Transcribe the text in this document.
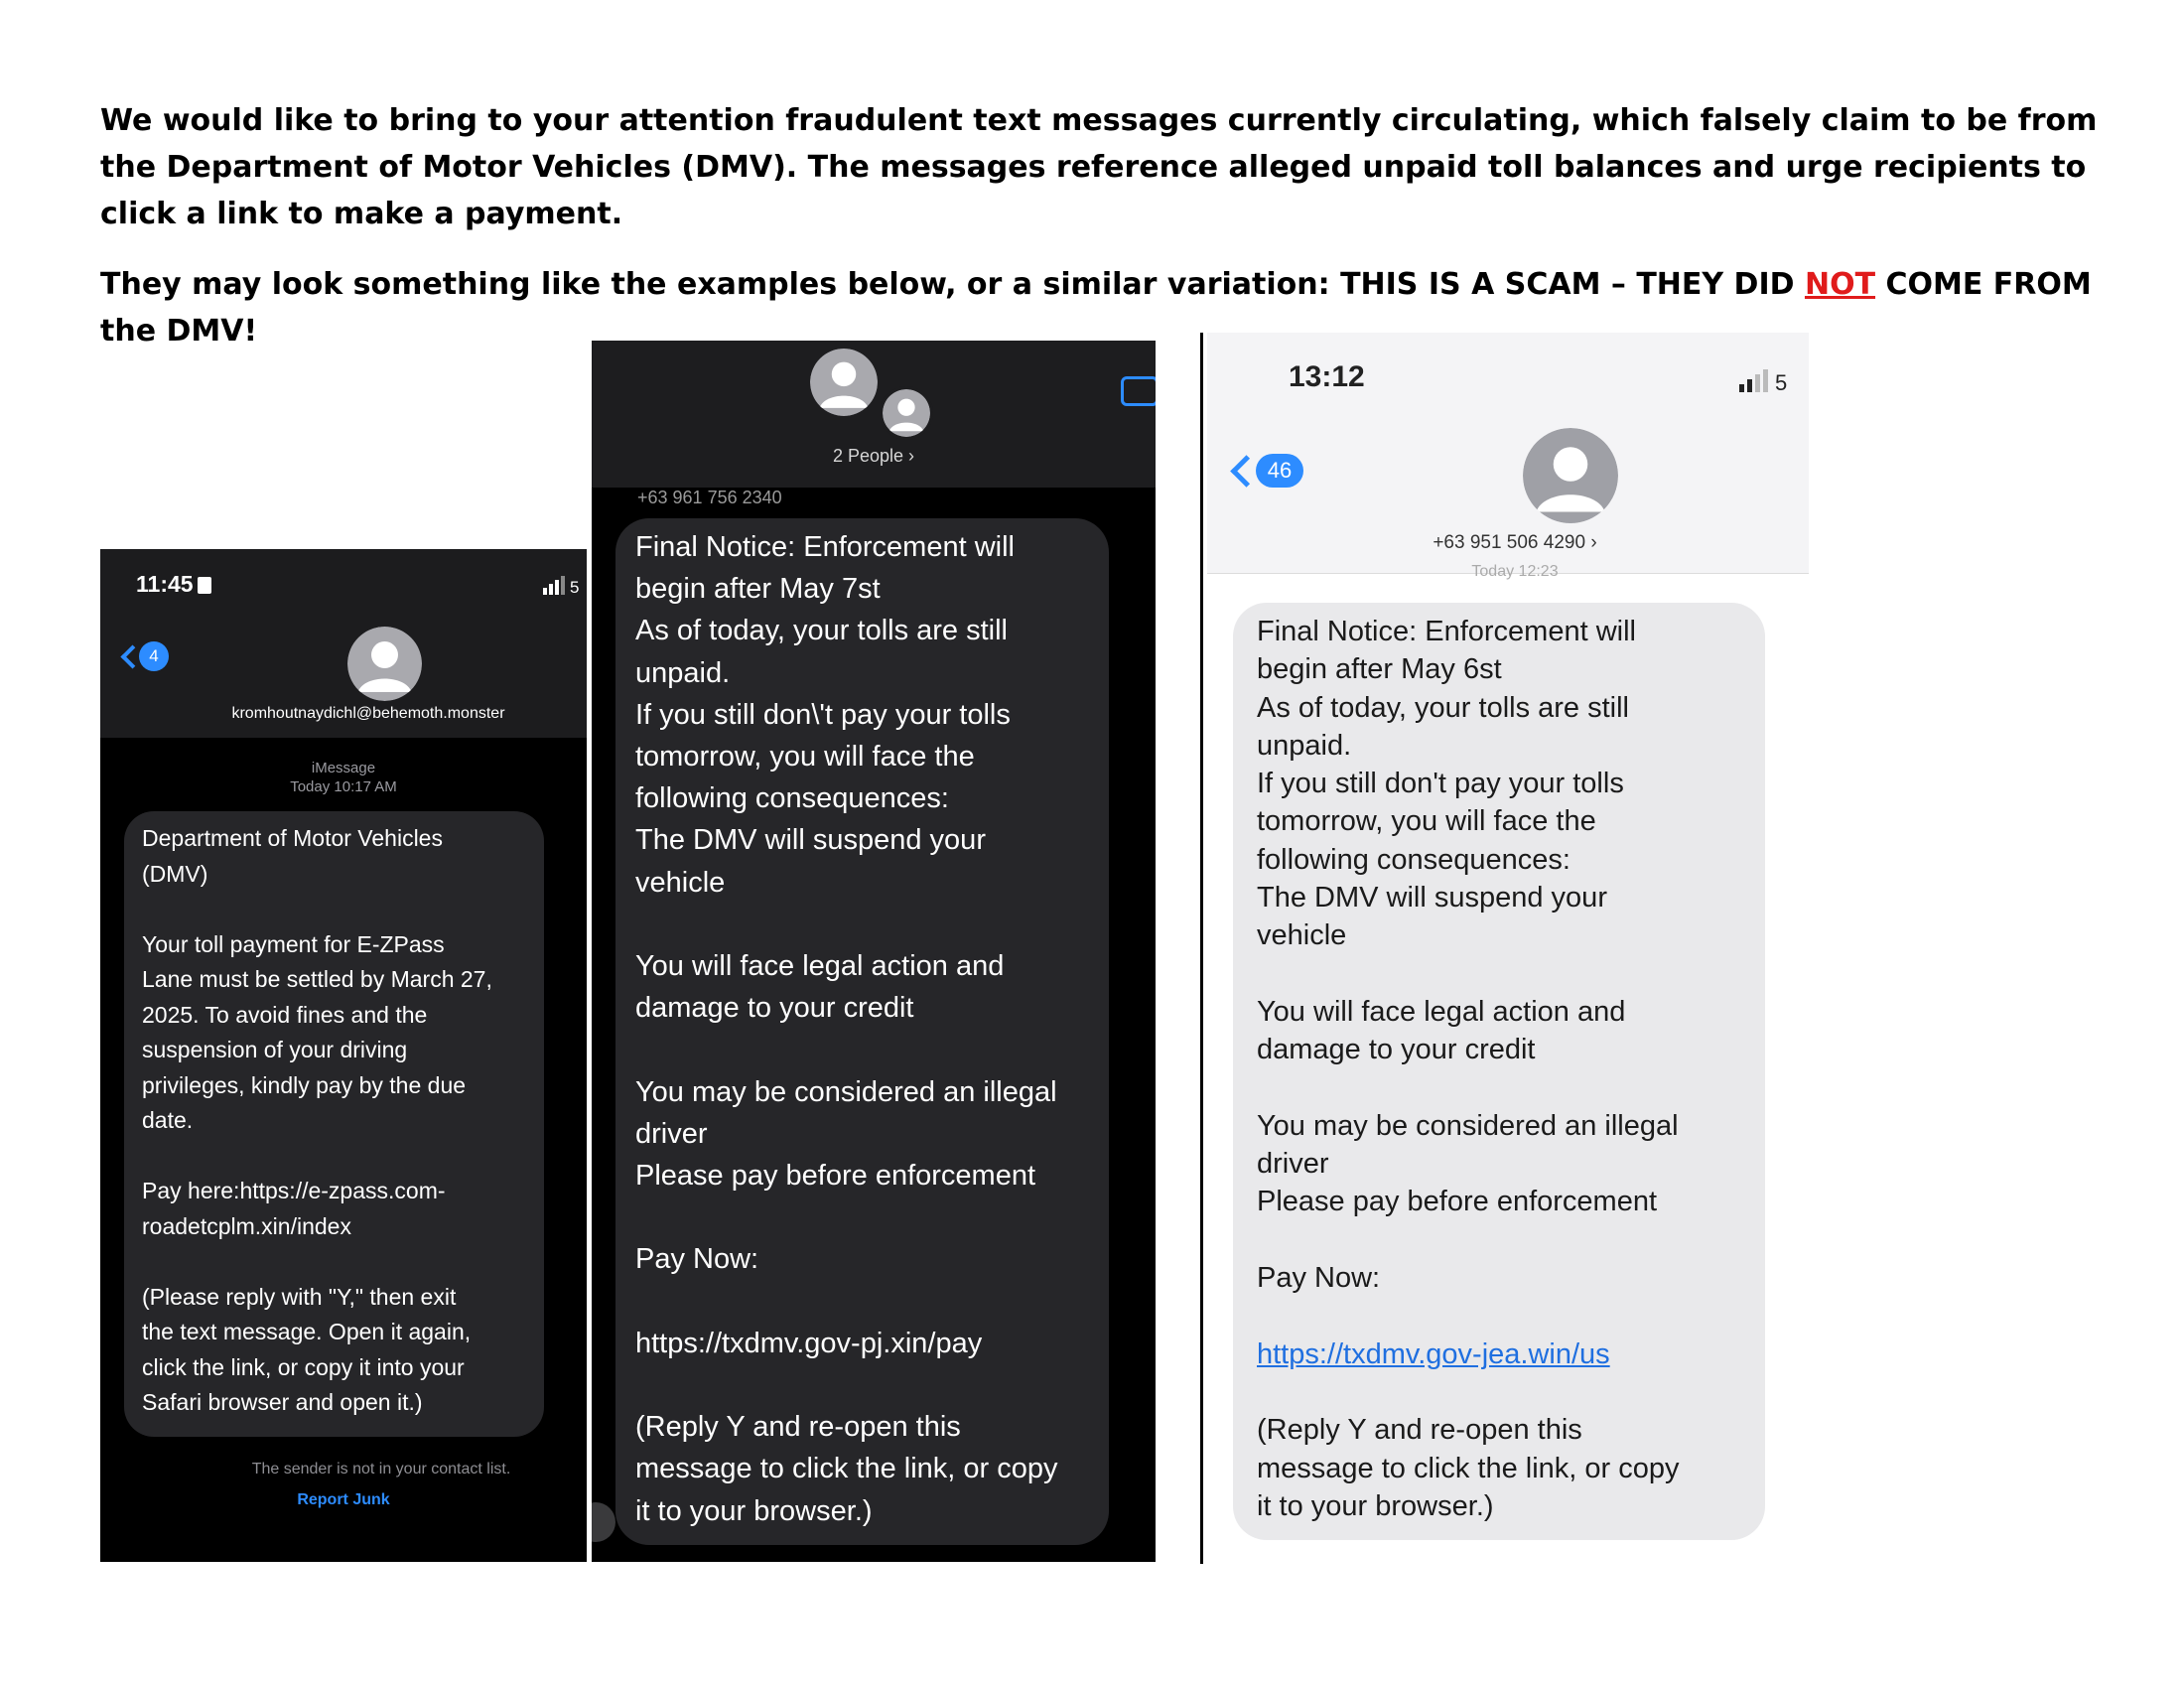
We would like to bring to your attention fraudulent text messages currently circulating, which falsely claim to be from the Department of Motor Vehicles (DMV). The messages reference alleged unpaid toll balances and urge recipients to click a link to make a payment.

They may look something like the examples below, or a similar variation: THIS IS A SCAM – THEY DID NOT COME FROM the DMV!

11:45	5
4
kromhoutnaydichl@behemoth.monster
iMessage
Today 10:17 AM
Department of Motor Vehicles
(DMV)

Your toll payment for E-ZPass
Lane must be settled by March 27,
2025. To avoid fines and the
suspension of your driving
privileges, kindly pay by the due
date.

Pay here:https://e-zpass.com-
roadetcplm.xin/index

(Please reply with "Y," then exit
the text message. Open it again,
click the link, or copy it into your
Safari browser and open it.)
The sender is not in your contact list.
Report Junk
2 People ›
+63 961 756 2340
Final Notice: Enforcement will
begin after May 7st
As of today, your tolls are still
unpaid.
If you still don\'t pay your tolls
tomorrow, you will face the
following consequences:
The DMV will suspend your
vehicle

You will face legal action and
damage to your credit

You may be considered an illegal
driver
Please pay before enforcement

Pay Now:

https://txdmv.gov-pj.xin/pay

(Reply Y and re-open this
message to click the link, or copy
it to your browser.)
13:12	5
46
+63 951 506 4290 ›
Today 12:23
Final Notice: Enforcement will
begin after May 6st
As of today, your tolls are still
unpaid.
If you still don't pay your tolls
tomorrow, you will face the
following consequences:
The DMV will suspend your
vehicle

You will face legal action and
damage to your credit

You may be considered an illegal
driver
Please pay before enforcement

Pay Now:

https://txdmv.gov-jea.win/us

(Reply Y and re-open this
message to click the link, or copy
it to your browser.)
